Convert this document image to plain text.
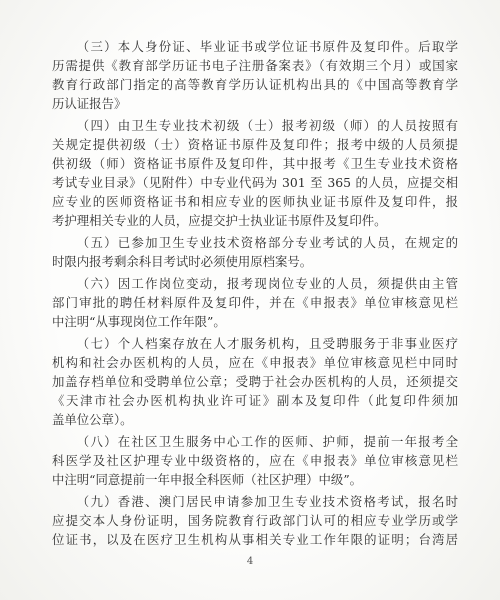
（三）本人身份证、毕业证书或学位证书原件及复印件。后取学
历需提供《教育部学历证书电子注册备案表》（有效期三个月）或国家
教育行政部门指定的高等教育学历认证机构出具的《中国高等教育学
历认证报告》
（四）由卫生专业技术初级（士）报考初级（师）的人员按照有
关规定提供初级（士）资格证书原件及复印件；报考中级的人员须提
供初级（师）资格证书原件及复印件，其中报考《卫生专业技术资格
考试专业目录》（见附件）中专业代码为 301 至 365 的人员，应提交相
应专业的医师资格证书和相应专业的医师执业证书原件及复印件，报
考护理相关专业的人员，应提交护士执业证书原件及复印件。
（五）已参加卫生专业技术资格部分专业考试的人员，在规定的
时限内报考剩余科目考试时必须使用原档案号。
（六）因工作岗位变动，报考现岗位专业的人员，须提供由主管
部门审批的聘任材料原件及复印件，并在《申报表》单位审核意见栏
中注明“从事现岗位工作年限”。
（七）个人档案存放在人才服务机构，且受聘服务于非事业医疗
机构和社会办医机构的人员，应在《申报表》单位审核意见栏中同时
加盖存档单位和受聘单位公章；受聘于社会办医机构的人员，还须提交
《天津市社会办医机构执业许可证》副本及复印件（此复印件须加
盖单位公章）。
（八）在社区卫生服务中心工作的医师、护师，提前一年报考全
科医学及社区护理专业中级资格的，应在《申报表》单位审核意见栏
中注明“同意提前一年申报全科医师（社区护理）中级”。
（九）香港、澳门居民申请参加卫生专业技术资格考试，报名时
应提交本人身份证明，国务院教育行政部门认可的相应专业学历或学
位证书，以及在医疗卫生机构从事相关专业工作年限的证明；台湾居
4
